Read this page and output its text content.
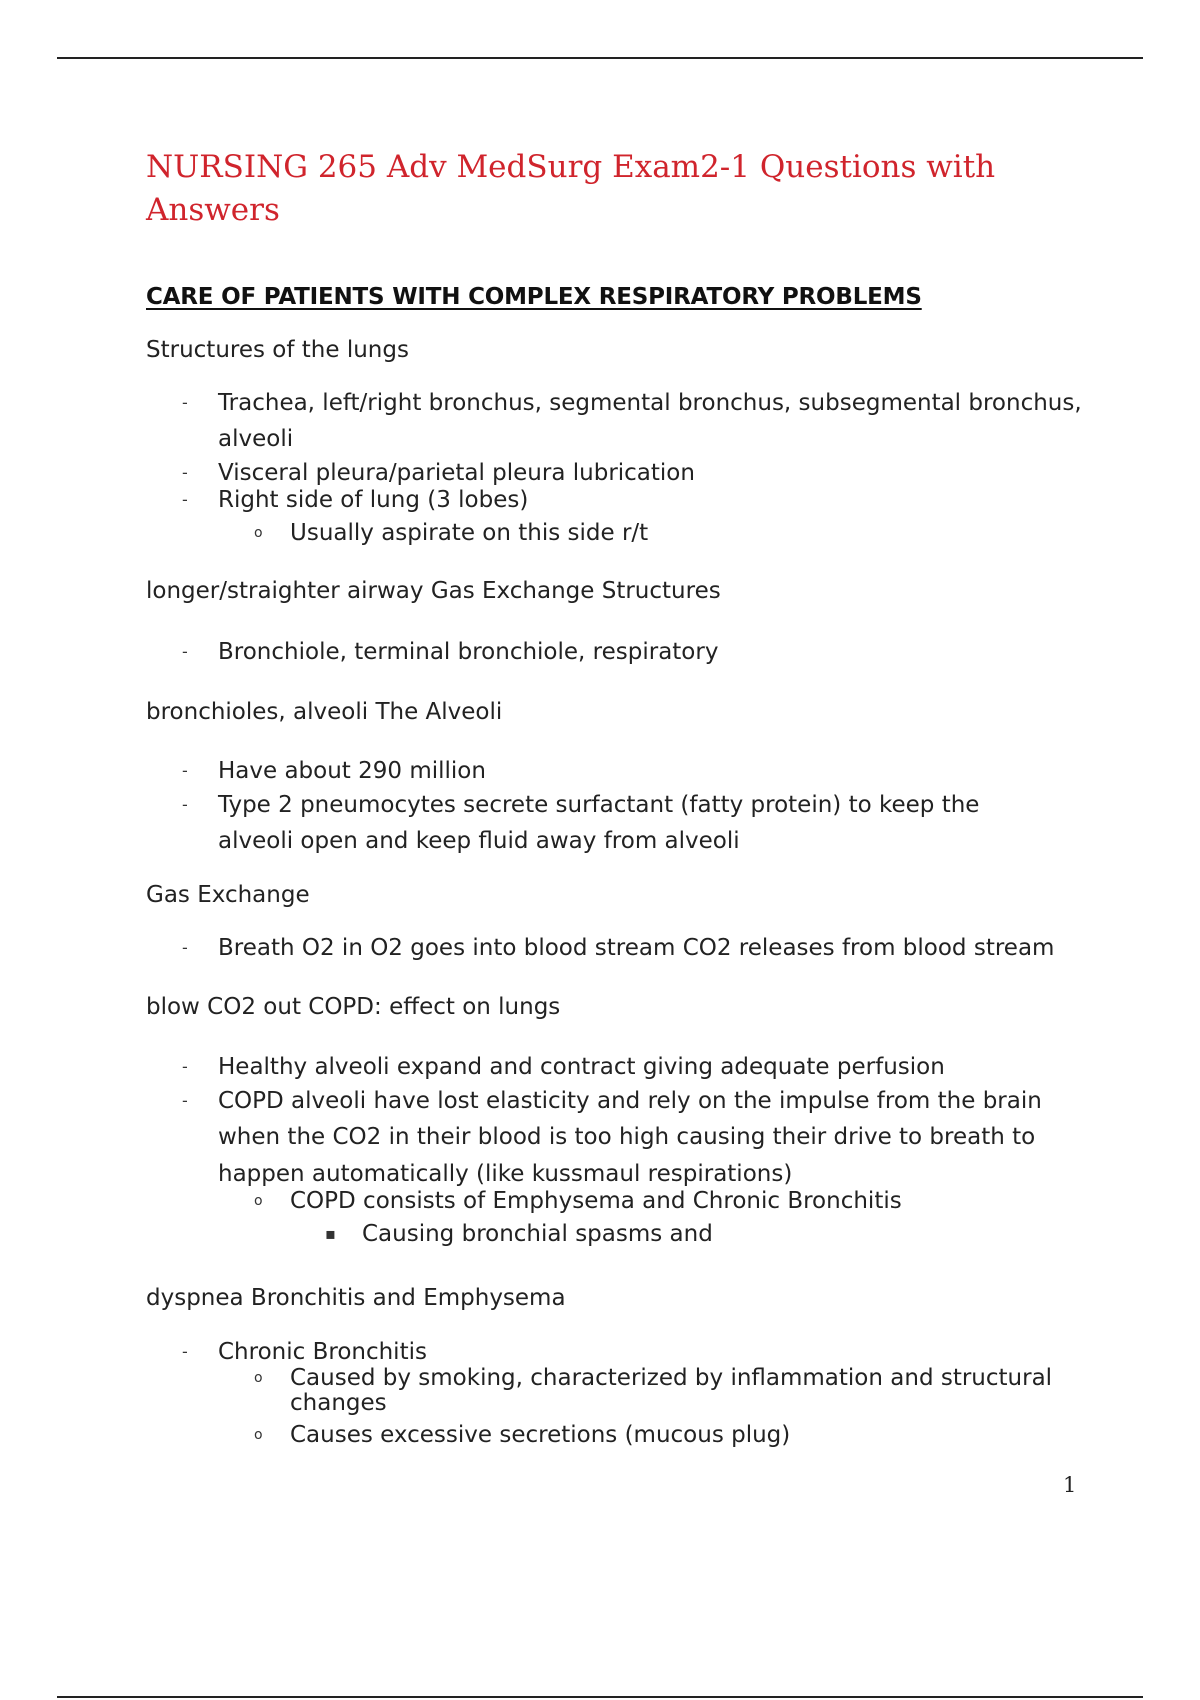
NURSING 265 Adv MedSurg Exam2-1 Questions with Answers

CARE OF PATIENTS WITH COMPLEX RESPIRATORY PROBLEMS

Structures of the lungs

- Trachea, left/right bronchus, segmental bronchus, subsegmental bronchus,

alveoli

- Visceral pleura/parietal pleura lubrication

- Right side of lung (3 lobes)

o Usually aspirate on this side r/t

longer/straighter airway Gas Exchange Structures

- Bronchiole, terminal bronchiole, respiratory

bronchioles, alveoli The Alveoli

- Have about 290 million

- Type 2 pneumocytes secrete surfactant (fatty protein) to keep the

alveoli open and keep fluid away from alveoli

Gas Exchange

- Breath O2 in O2 goes into blood stream CO2 releases from blood stream

blow CO2 out COPD: effect on lungs

- Healthy alveoli expand and contract giving adequate perfusion

- COPD alveoli have lost elasticity and rely on the impulse from the brain

when the CO2 in their blood is too high causing their drive to breath to

happen automatically (like kussmaul respirations)

o COPD consists of Emphysema and Chronic Bronchitis

▪ Causing bronchial spasms and

dyspnea Bronchitis and Emphysema

- Chronic Bronchitis

o Caused by smoking, characterized by inflammation and structural

changes

o Causes excessive secretions (mucous plug)

1
